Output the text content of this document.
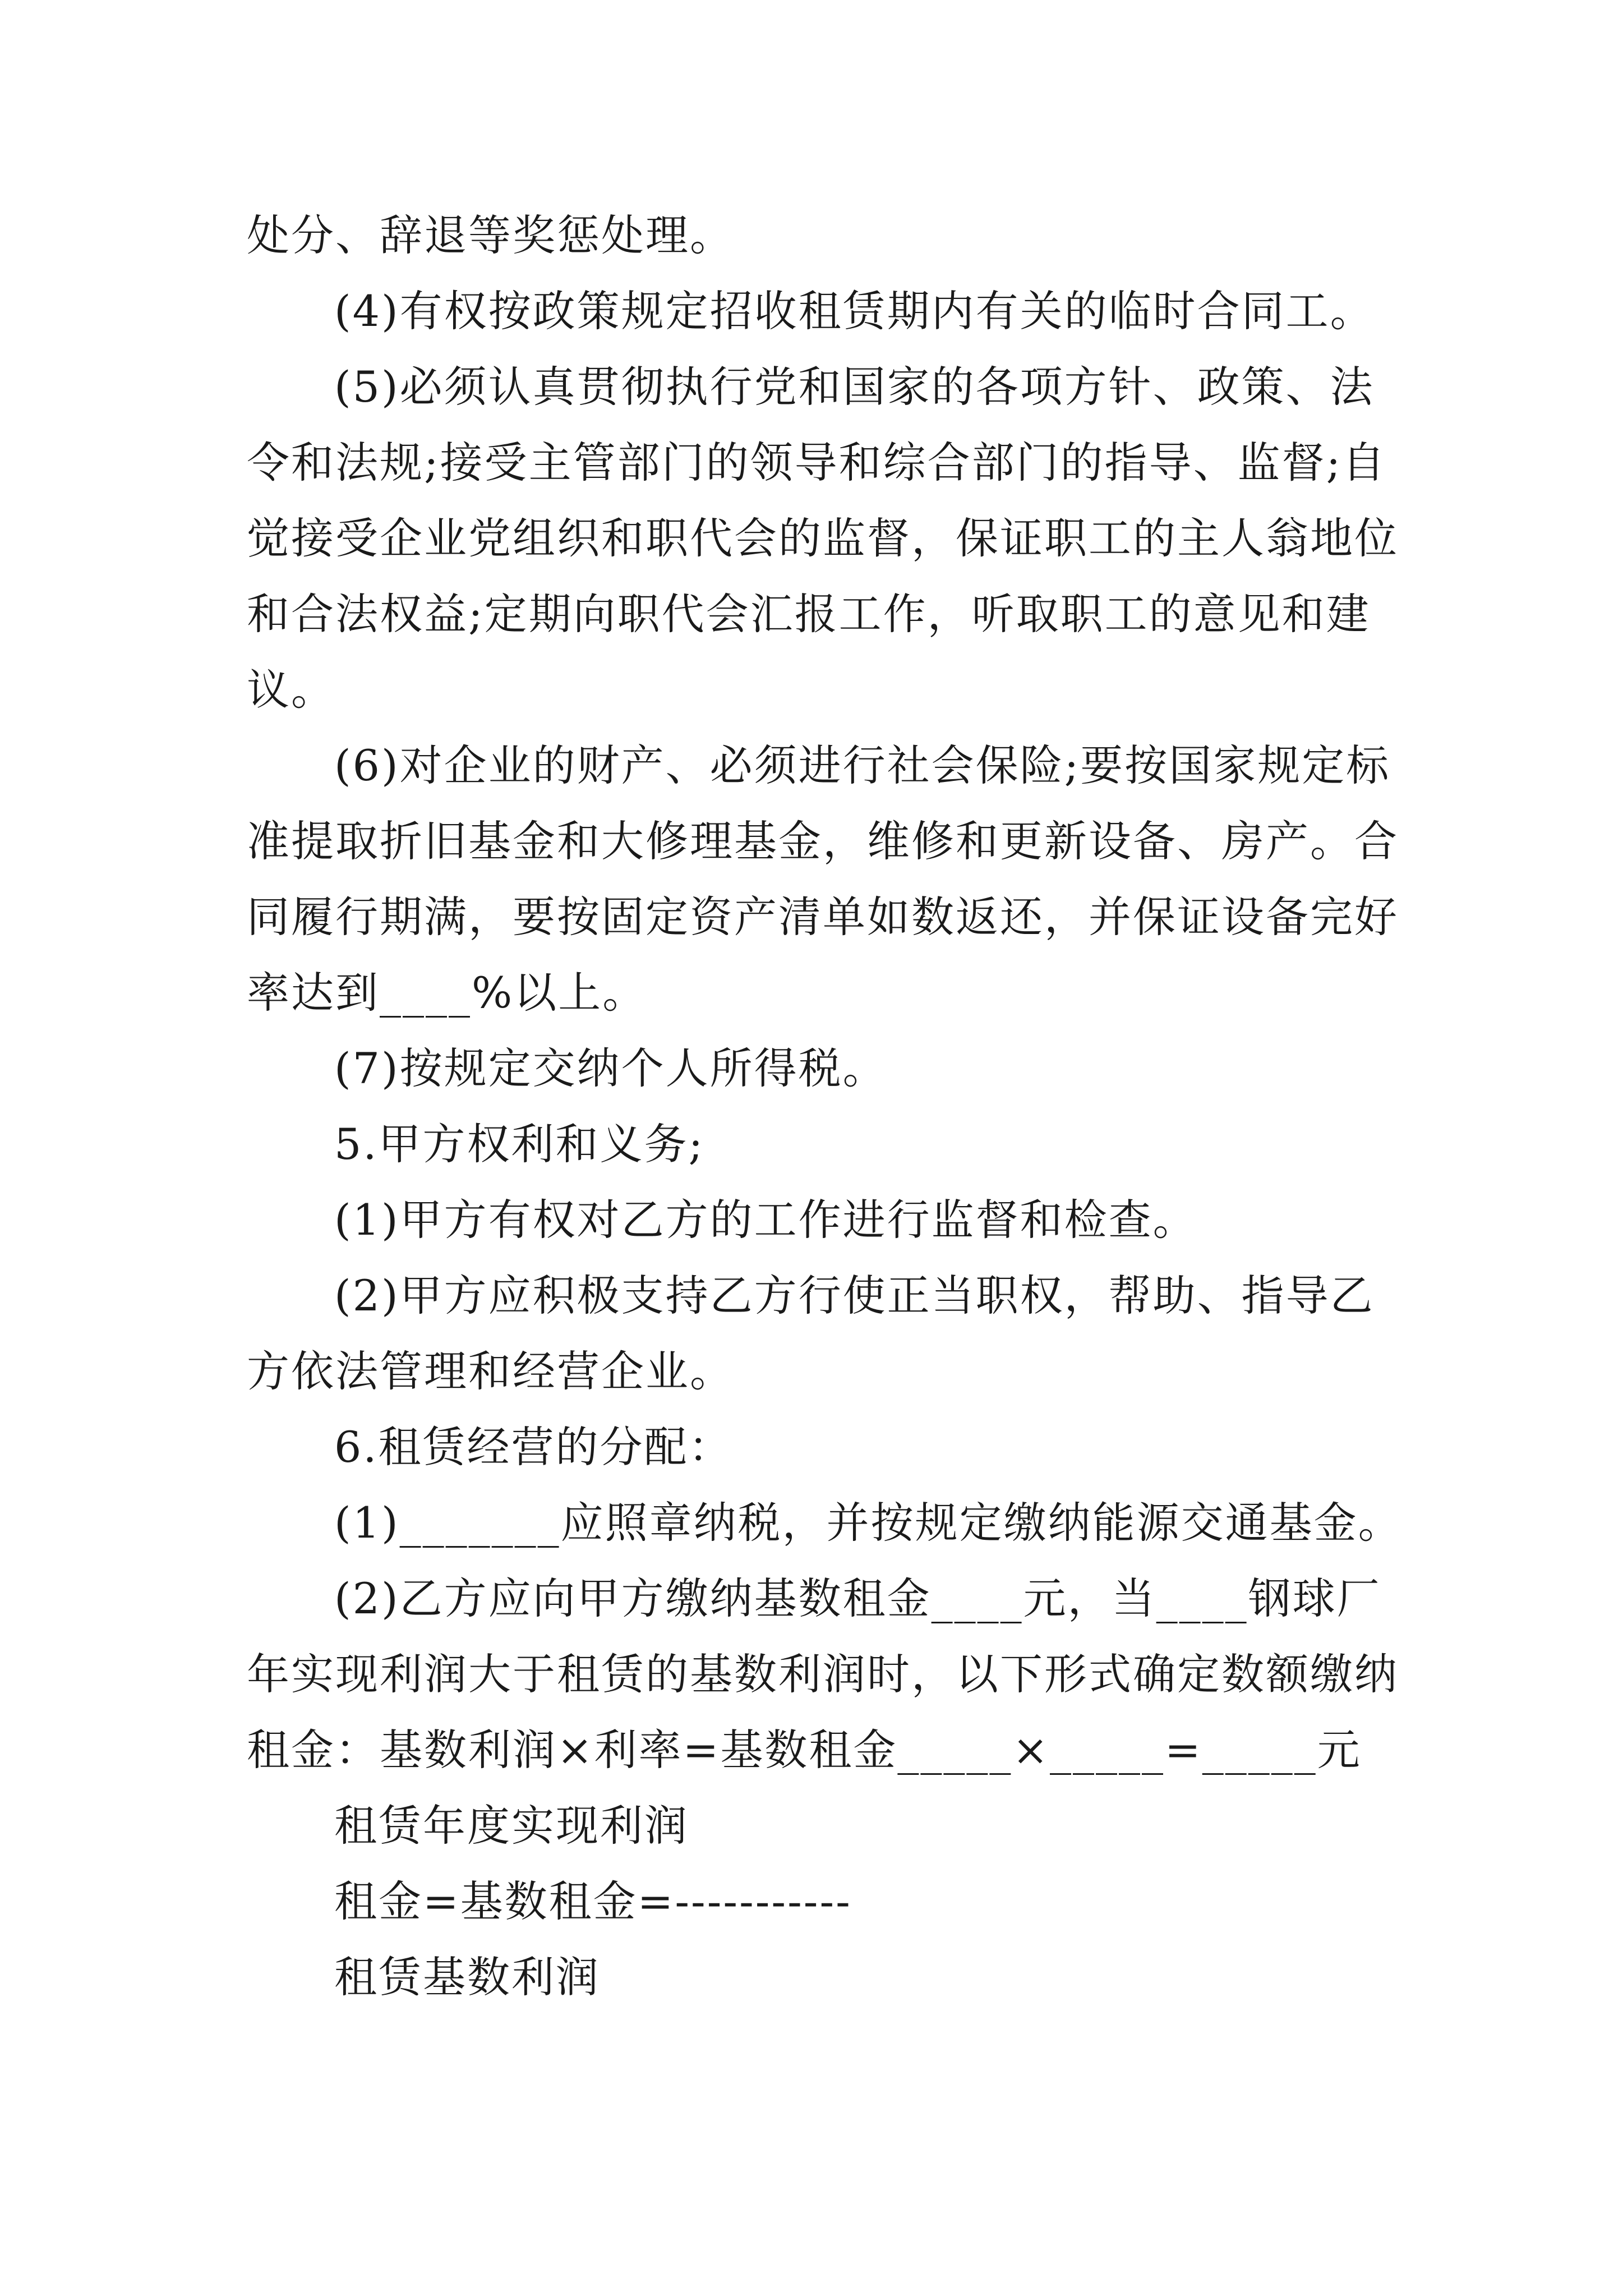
处分、辞退等奖惩处理。
(4)有权按政策规定招收租赁期内有关的临时合同工。
(5)必须认真贯彻执行党和国家的各项方针、政策、法
令和法规;接受主管部门的领导和综合部门的指导、监督;自
觉接受企业党组织和职代会的监督，保证职工的主人翁地位
和合法权益;定期向职代会汇报工作，听取职工的意见和建
议。
(6)对企业的财产、必须进行社会保险;要按国家规定标
准提取折旧基金和大修理基金，维修和更新设备、房产。合
同履行期满，要按固定资产清单如数返还，并保证设备完好
率达到____%以上。
(7)按规定交纳个人所得税。
5.甲方权利和义务;
(1)甲方有权对乙方的工作进行监督和检查。
(2)甲方应积极支持乙方行使正当职权，帮助、指导乙
方依法管理和经营企业。
6.租赁经营的分配：
(1)_______应照章纳税，并按规定缴纳能源交通基金。
(2)乙方应向甲方缴纳基数租金____元，当____钢球厂
年实现利润大于租赁的基数利润时，以下形式确定数额缴纳
租金：基数利润×利率=基数租金_____×_____=_____元
租赁年度实现利润
租金=基数租金=-----------
租赁基数利润
